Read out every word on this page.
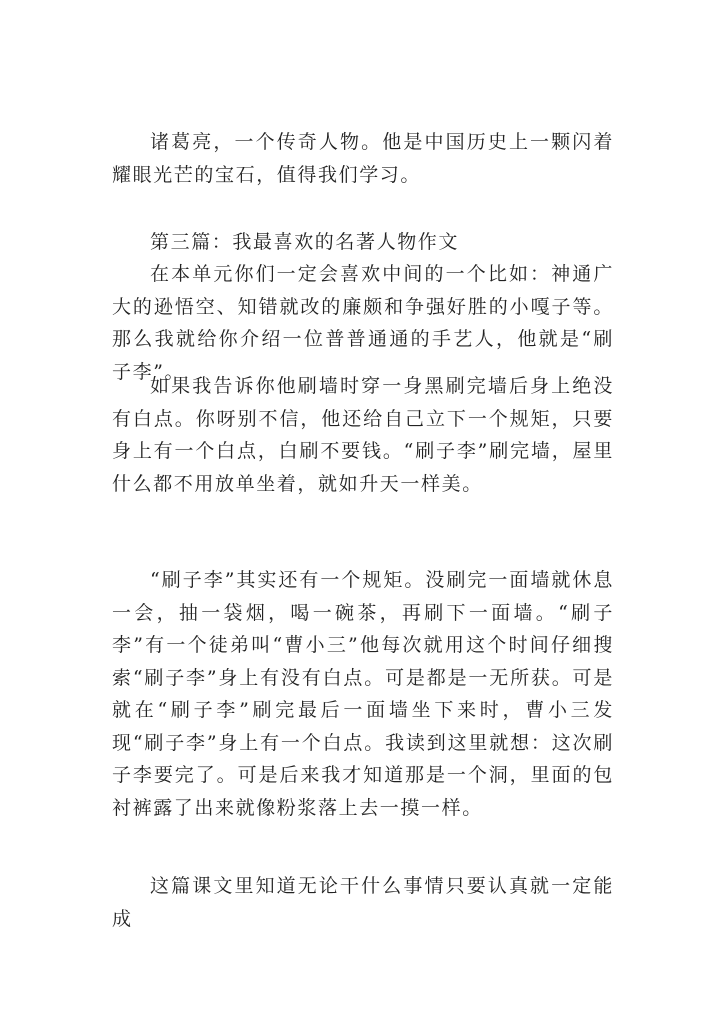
诸葛亮，一个传奇人物。他是中国历史上一颗闪着耀眼光芒的宝石，值得我们学习。

第三篇：我最喜欢的名著人物作文

在本单元你们一定会喜欢中间的一个比如：神通广大的逊悟空、知错就改的廉颇和争强好胜的小嘎子等。那么我就给你介绍一位普普通通的手艺人，他就是“刷子李”。

如果我告诉你他刷墙时穿一身黑刷完墙后身上绝没有白点。你呀别不信，他还给自己立下一个规矩，只要身上有一个白点，白刷不要钱。“刷子李”刷完墙，屋里什么都不用放单坐着，就如升天一样美。

“刷子李”其实还有一个规矩。没刷完一面墙就休息一会，抽一袋烟，喝一碗茶，再刷下一面墙。“刷子李”有一个徒弟叫“曹小三”他每次就用这个时间仔细搜索“刷子李”身上有没有白点。可是都是一无所获。可是就在“刷子李”刷完最后一面墙坐下来时，曹小三发现“刷子李”身上有一个白点。我读到这里就想：这次刷子李要完了。可是后来我才知道那是一个洞，里面的包衬裤露了出来就像粉浆落上去一摸一样。

这篇课文里知道无论干什么事情只要认真就一定能成
